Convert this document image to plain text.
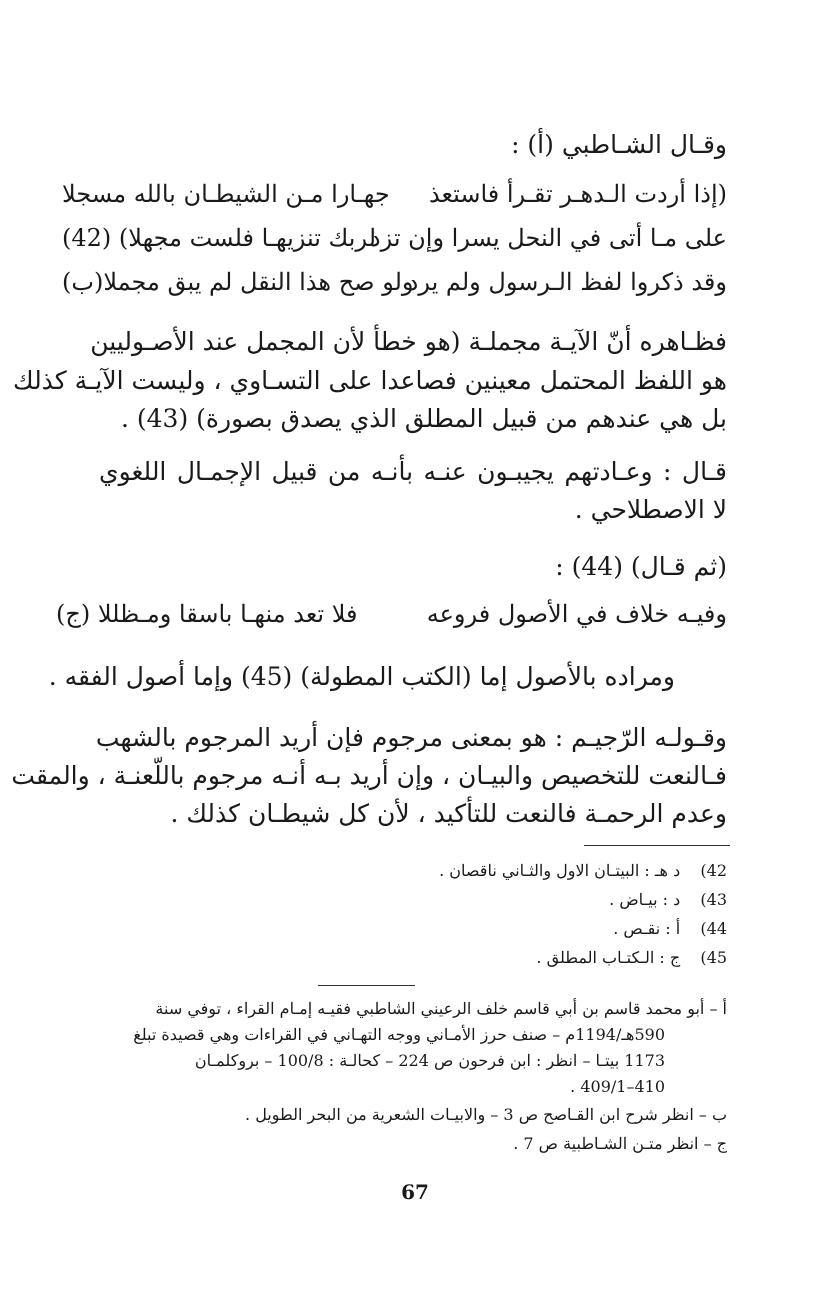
وقـال الشـاطبي (أ) :
(إذا أردت الـدهـر تقـرأ فاستعذ
جهـارا مـن الشيطـان بالله مسجلا
على مـا أتى في النحل يسرا وإن تزد
لربك تنزيهـا فلست مجهلا) (42)
وقد ذكروا لفظ الـرسول ولم يرد
ولو صح هذا النقل لم يبق مجملا(ب)
فظـاهره أنّ الآيـة مجملـة (هو خطأ لأن المجمل عند الأصـوليين
هو اللفظ المحتمل معينين فصاعدا على التسـاوي ، وليست الآيـة كذلك
بل هي عندهم من قبيل المطلق الذي يصدق بصورة) (43) .
قـال : وعـادتهم يجيبـون عنـه بأنـه من قبيل الإجمـال اللغوي
لا الاصطلاحي .
(ثم قـال) (44) :
وفيـه خلاف في الأصول فروعه
فلا تعد منهـا باسقا ومـظللا (ج)
ومراده بالأصول إما (الكتب المطولة) (45) وإما أصول الفقه .
وقـولـه الرّجيـم : هو بمعنى مرجوم فإن أريد المرجوم بالشهب
فـالنعت للتخصيص والبيـان ، وإن أريد بـه أنـه مرجوم باللّعنـة ، والمقت
وعدم الرحمـة فالنعت للتأكيد ، لأن كل شيطـان كذلك .
42)  د هـ : البيتـان الاول والثـاني ناقصان .
43)  د : بيـاض .
44)  أ : نقـص .
45)  ج : الـكتـاب المطلق .
أ – أبو محمد قاسم بن أبي قاسم خلف الرعيني الشاطبي فقيـه إمـام القراء ، توفي سنة
590هـ/1194م – صنف حرز الأمـاني ووجه التهـاني في القراءات وهي قصيدة تبلغ
1173 بيتـا – انظر : ابن فرحون ص 224 – كحالـة : 100/8 – بروكلمـان
410–409/1 .
ب – انظر شرح ابن القـاصح ص 3 – والابيـات الشعرية من البحر الطويل .
ج – انظر متـن الشـاطبية ص 7 .
67
